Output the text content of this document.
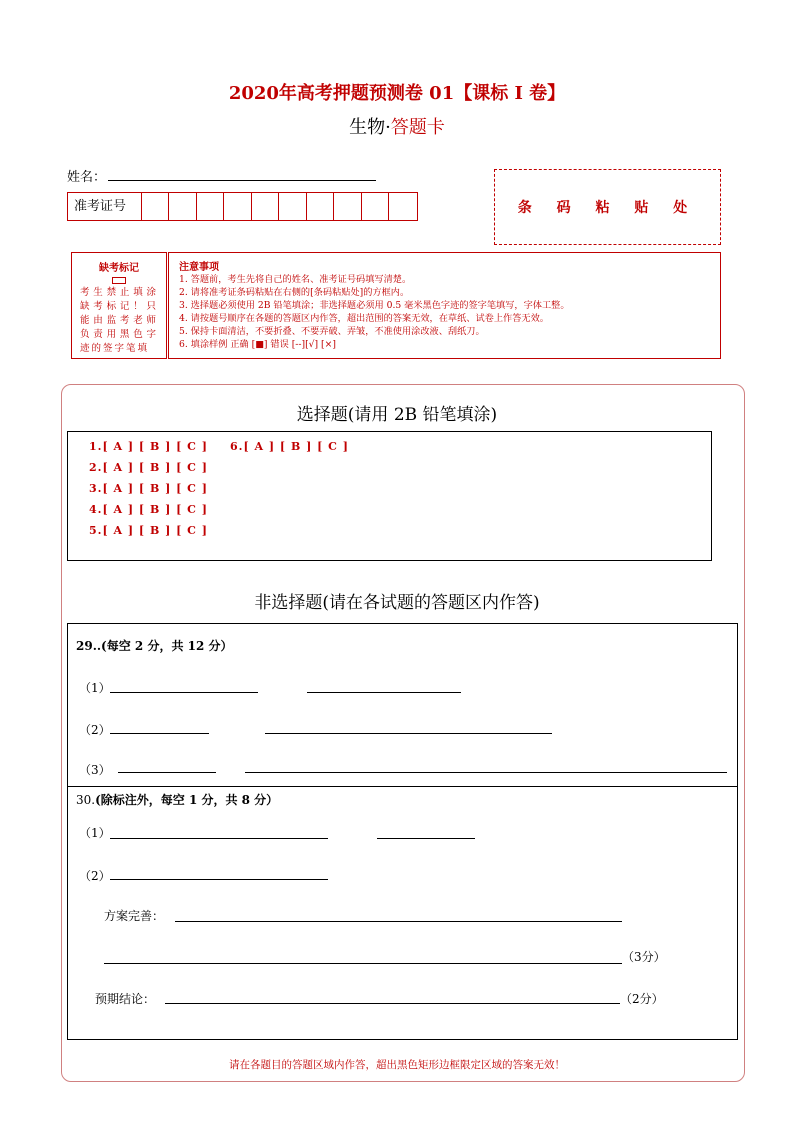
2020年高考押题预测卷 01【课标 I 卷】
生物·答题卡
姓名：
准考证号	条 码 粘 贴 处
缺考标记
考生禁止填涂缺考标记！只能由监考老师负责用黑色字迹的签字笔填
注意事项
1. 答题前，考生先将自己的姓名、准考证号码填写清楚。
2. 请将准考证条码粘贴在右侧的[条码粘贴处]的方框内。
3. 选择题必须使用 2B 铅笔填涂；非选择题必须用 0.5 毫米黑色字迹的签字笔填写，字体工整。
4. 请按题号顺序在各题的答题区内作答，超出范围的答案无效，在草纸、试卷上作答无效。
5. 保持卡面清洁，不要折叠、不要弄破、弄皱，不准使用涂改液、刮纸刀。
6. 填涂样例 正确 [■] 错误 [--][√] [×]
选择题(请用 2B 铅笔填涂)
1.[ A ] [ B ] [ C ]
2.[ A ] [ B ] [ C ]
3.[ A ] [ B ] [ C ]
4.[ A ] [ B ] [ C ]
5.[ A ] [ B ] [ C ]
6.[ A ] [ B ] [ C ]
非选择题(请在各试题的答题区内作答)
29..(每空 2 分，共 12 分）
（1）
（2）
（3）
30.(除标注外，每空 1 分，共 8 分）
（1）
（2）
方案完善：
（3分）
预期结论：	（2分）
请在各题目的答题区域内作答，超出黑色矩形边框限定区域的答案无效！
